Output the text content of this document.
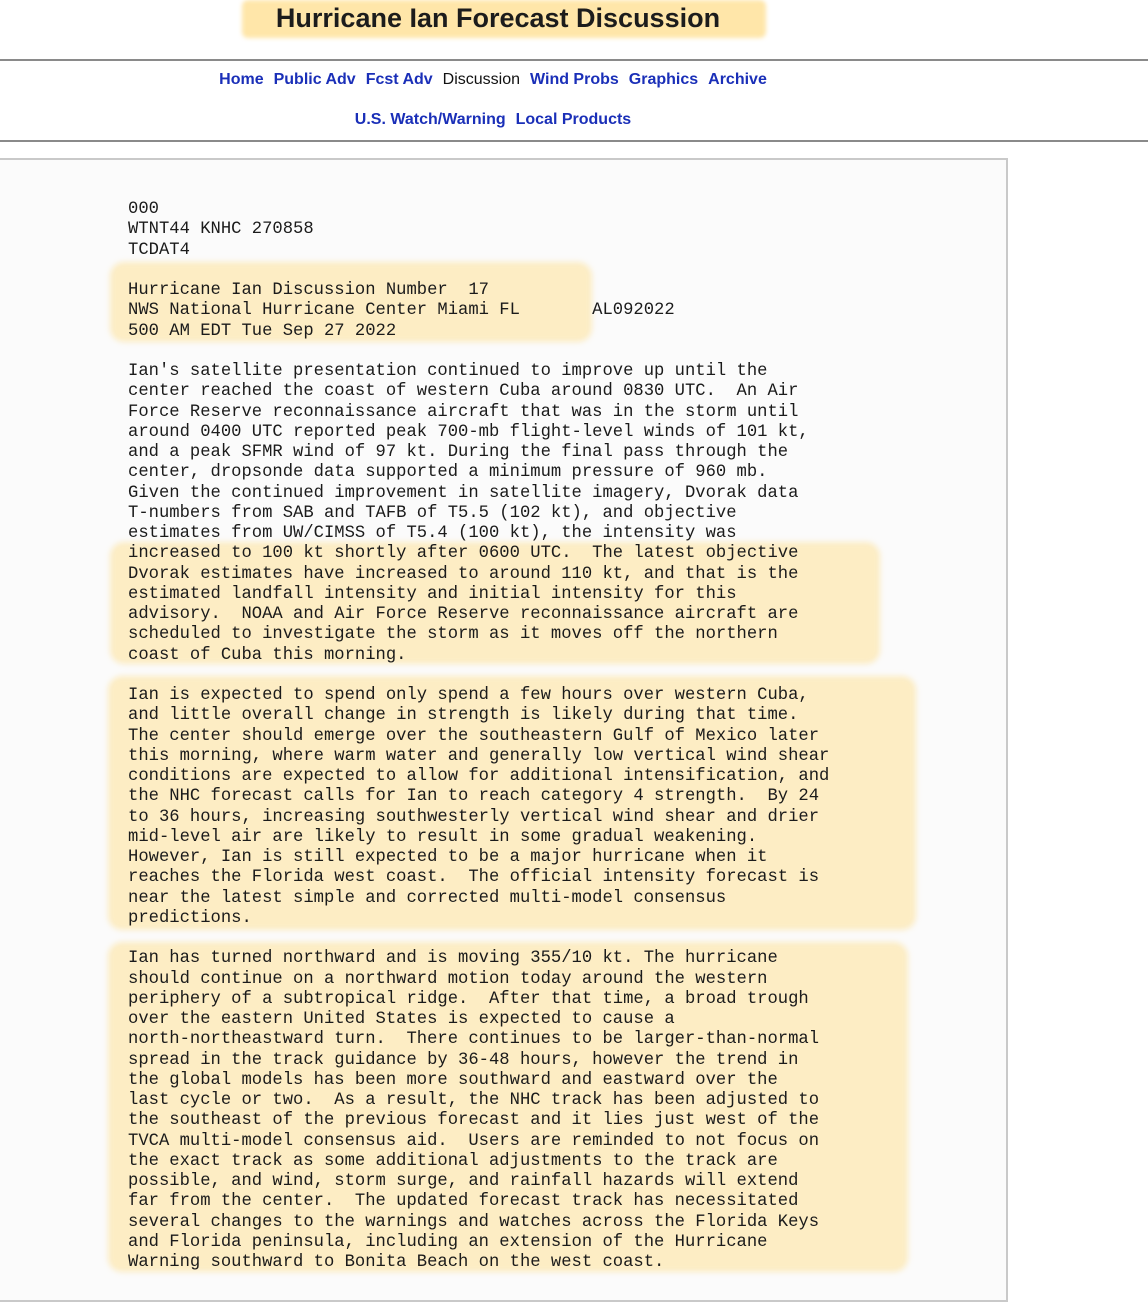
Hurricane Ian Forecast Discussion
Home Public Adv Fcst Adv Discussion Wind Probs Graphics Archive
U.S. Watch/Warning Local Products
000
WTNT44 KNHC 270858
TCDAT4

Hurricane Ian Discussion Number  17
NWS National Hurricane Center Miami FL       AL092022
500 AM EDT Tue Sep 27 2022

Ian's satellite presentation continued to improve up until the
center reached the coast of western Cuba around 0830 UTC.  An Air
Force Reserve reconnaissance aircraft that was in the storm until
around 0400 UTC reported peak 700-mb flight-level winds of 101 kt,
and a peak SFMR wind of 97 kt. During the final pass through the
center, dropsonde data supported a minimum pressure of 960 mb.
Given the continued improvement in satellite imagery, Dvorak data
T-numbers from SAB and TAFB of T5.5 (102 kt), and objective
estimates from UW/CIMSS of T5.4 (100 kt), the intensity was
increased to 100 kt shortly after 0600 UTC.  The latest objective
Dvorak estimates have increased to around 110 kt, and that is the
estimated landfall intensity and initial intensity for this
advisory.  NOAA and Air Force Reserve reconnaissance aircraft are
scheduled to investigate the storm as it moves off the northern
coast of Cuba this morning.

Ian is expected to spend only spend a few hours over western Cuba,
and little overall change in strength is likely during that time.
The center should emerge over the southeastern Gulf of Mexico later
this morning, where warm water and generally low vertical wind shear
conditions are expected to allow for additional intensification, and
the NHC forecast calls for Ian to reach category 4 strength.  By 24
to 36 hours, increasing southwesterly vertical wind shear and drier
mid-level air are likely to result in some gradual weakening.
However, Ian is still expected to be a major hurricane when it
reaches the Florida west coast.  The official intensity forecast is
near the latest simple and corrected multi-model consensus
predictions.

Ian has turned northward and is moving 355/10 kt. The hurricane
should continue on a northward motion today around the western
periphery of a subtropical ridge.  After that time, a broad trough
over the eastern United States is expected to cause a
north-northeastward turn.  There continues to be larger-than-normal
spread in the track guidance by 36-48 hours, however the trend in
the global models has been more southward and eastward over the
last cycle or two.  As a result, the NHC track has been adjusted to
the southeast of the previous forecast and it lies just west of the
TVCA multi-model consensus aid.  Users are reminded to not focus on
the exact track as some additional adjustments to the track are
possible, and wind, storm surge, and rainfall hazards will extend
far from the center.  The updated forecast track has necessitated
several changes to the warnings and watches across the Florida Keys
and Florida peninsula, including an extension of the Hurricane
Warning southward to Bonita Beach on the west coast.
